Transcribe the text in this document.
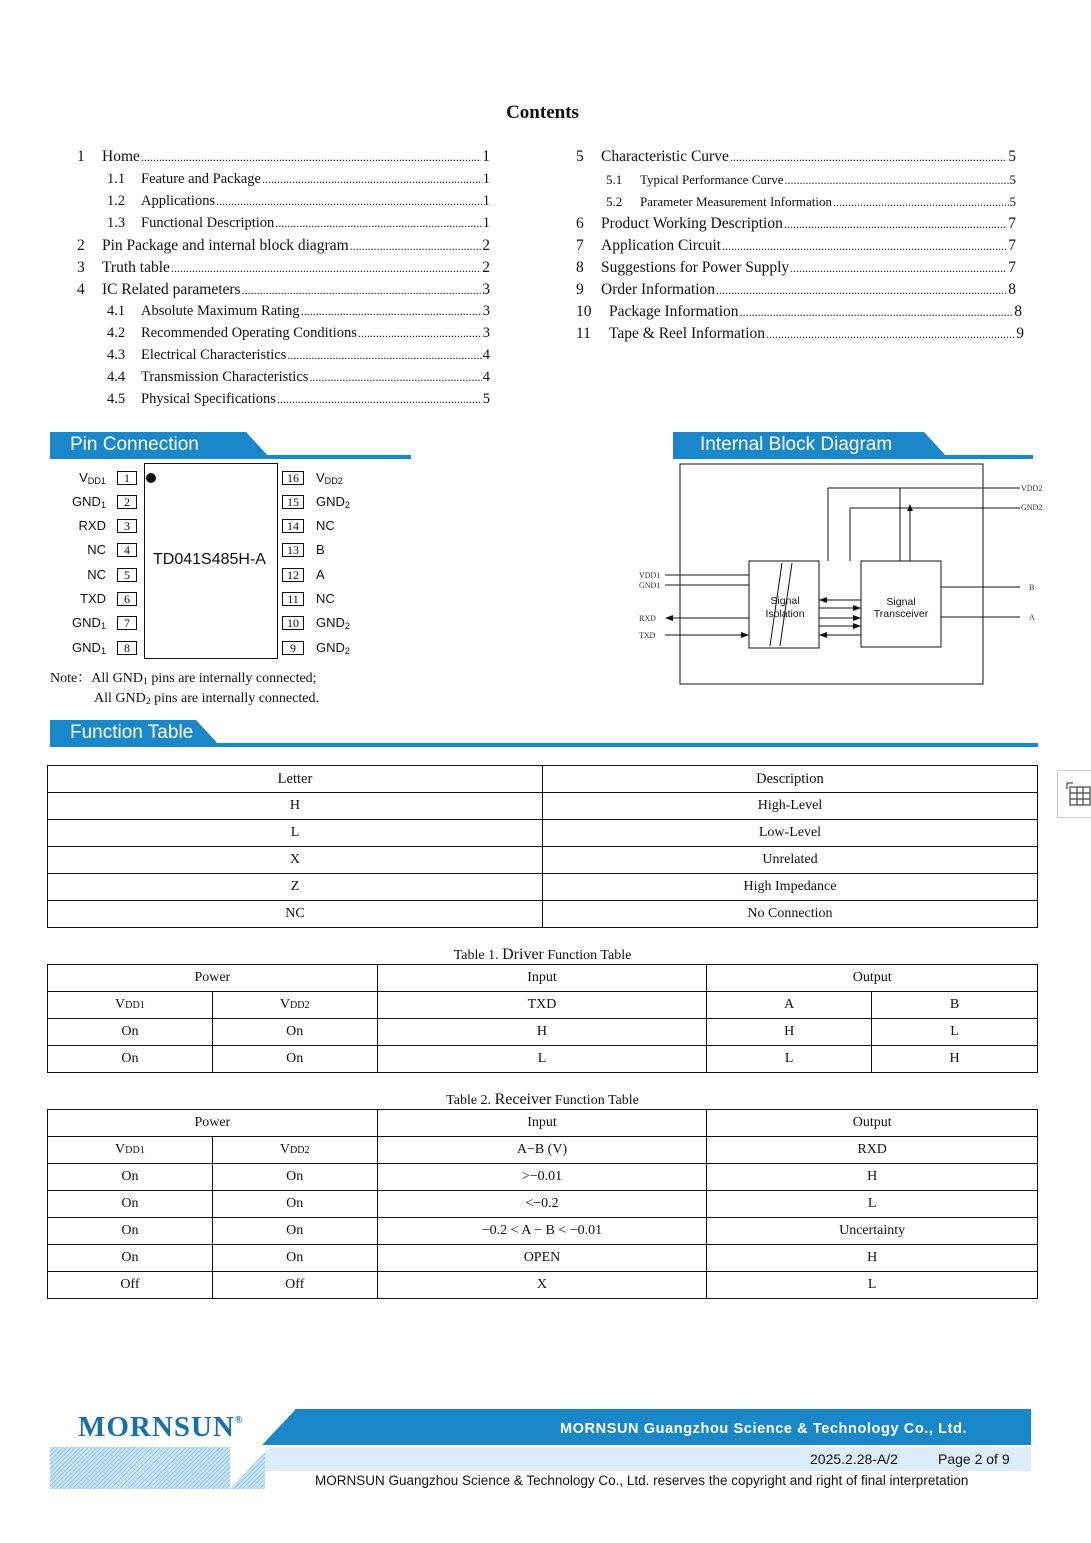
Contents
1	Home .....	1
1.1	Feature and Package .....	1
1.2	Applications .....	1
1.3	Functional Description .....	1
2	Pin Package and internal block diagram .....	2
3	Truth table .....	2
4	IC Related parameters .....	3
4.1	Absolute Maximum Rating .....	3
4.2	Recommended Operating Conditions .....	3
4.3	Electrical Characteristics .....	4
4.4	Transmission Characteristics .....	4
4.5	Physical Specifications .....	5
5	Characteristic Curve .....	5
5.1	Typical Performance Curve .....	5
5.2	Parameter Measurement Information .....	5
6	Product Working Description .....	7
7	Application Circuit .....	7
8	Suggestions for Power Supply .....	7
9	Order Information .....	8
10	Package Information .....	8
11	Tape & Reel Information .....	9
Pin Connection
TD041S485H-A
1
$V_{DD1}$
2
$GND_1$
3
RXD
4
NC
5
NC
6
TXD
7
$GND_1$
8
$GND_1$
16	$V_{DD2}$
15	$GND_2$
14	NC
13	B
12	A
11	NC
10	$GND_2$
9	$GND_2$
Note：All GND1 pins are internally connected;
All GND2 pins are internally connected.
Internal Block Diagram
Signal
Isolation
Signal
Transceiver
VDD1
GND1
RXD
TXD
VDD2
GND2
B
A
Function Table
Letter	Description
H	High-Level
L	Low-Level
X	Unrelated
Z	High Impedance
NC	No Connection
Table 1. Driver Function Table
Power		Input	Output	
VDD1	VDD2	TXD	A	B
On	On	H	H	L
On	On	L	L	H
Table 2. Receiver Function Table
Power		Input	Output
VDD1	VDD2	A−B (V)	RXD
On	On	>−0.01	H
On	On	<−0.2	L
On	On	−0.2 < A − B < −0.01	Uncertainty
On	On	OPEN	H
Off	Off	X	L
MORNSUN®
MORNSUN Guangzhou Science & Technology Co., Ltd.
2025.2.28-A/2	Page 2 of 9
MORNSUN Guangzhou Science & Technology Co., Ltd. reserves the copyright and right of final interpretation
